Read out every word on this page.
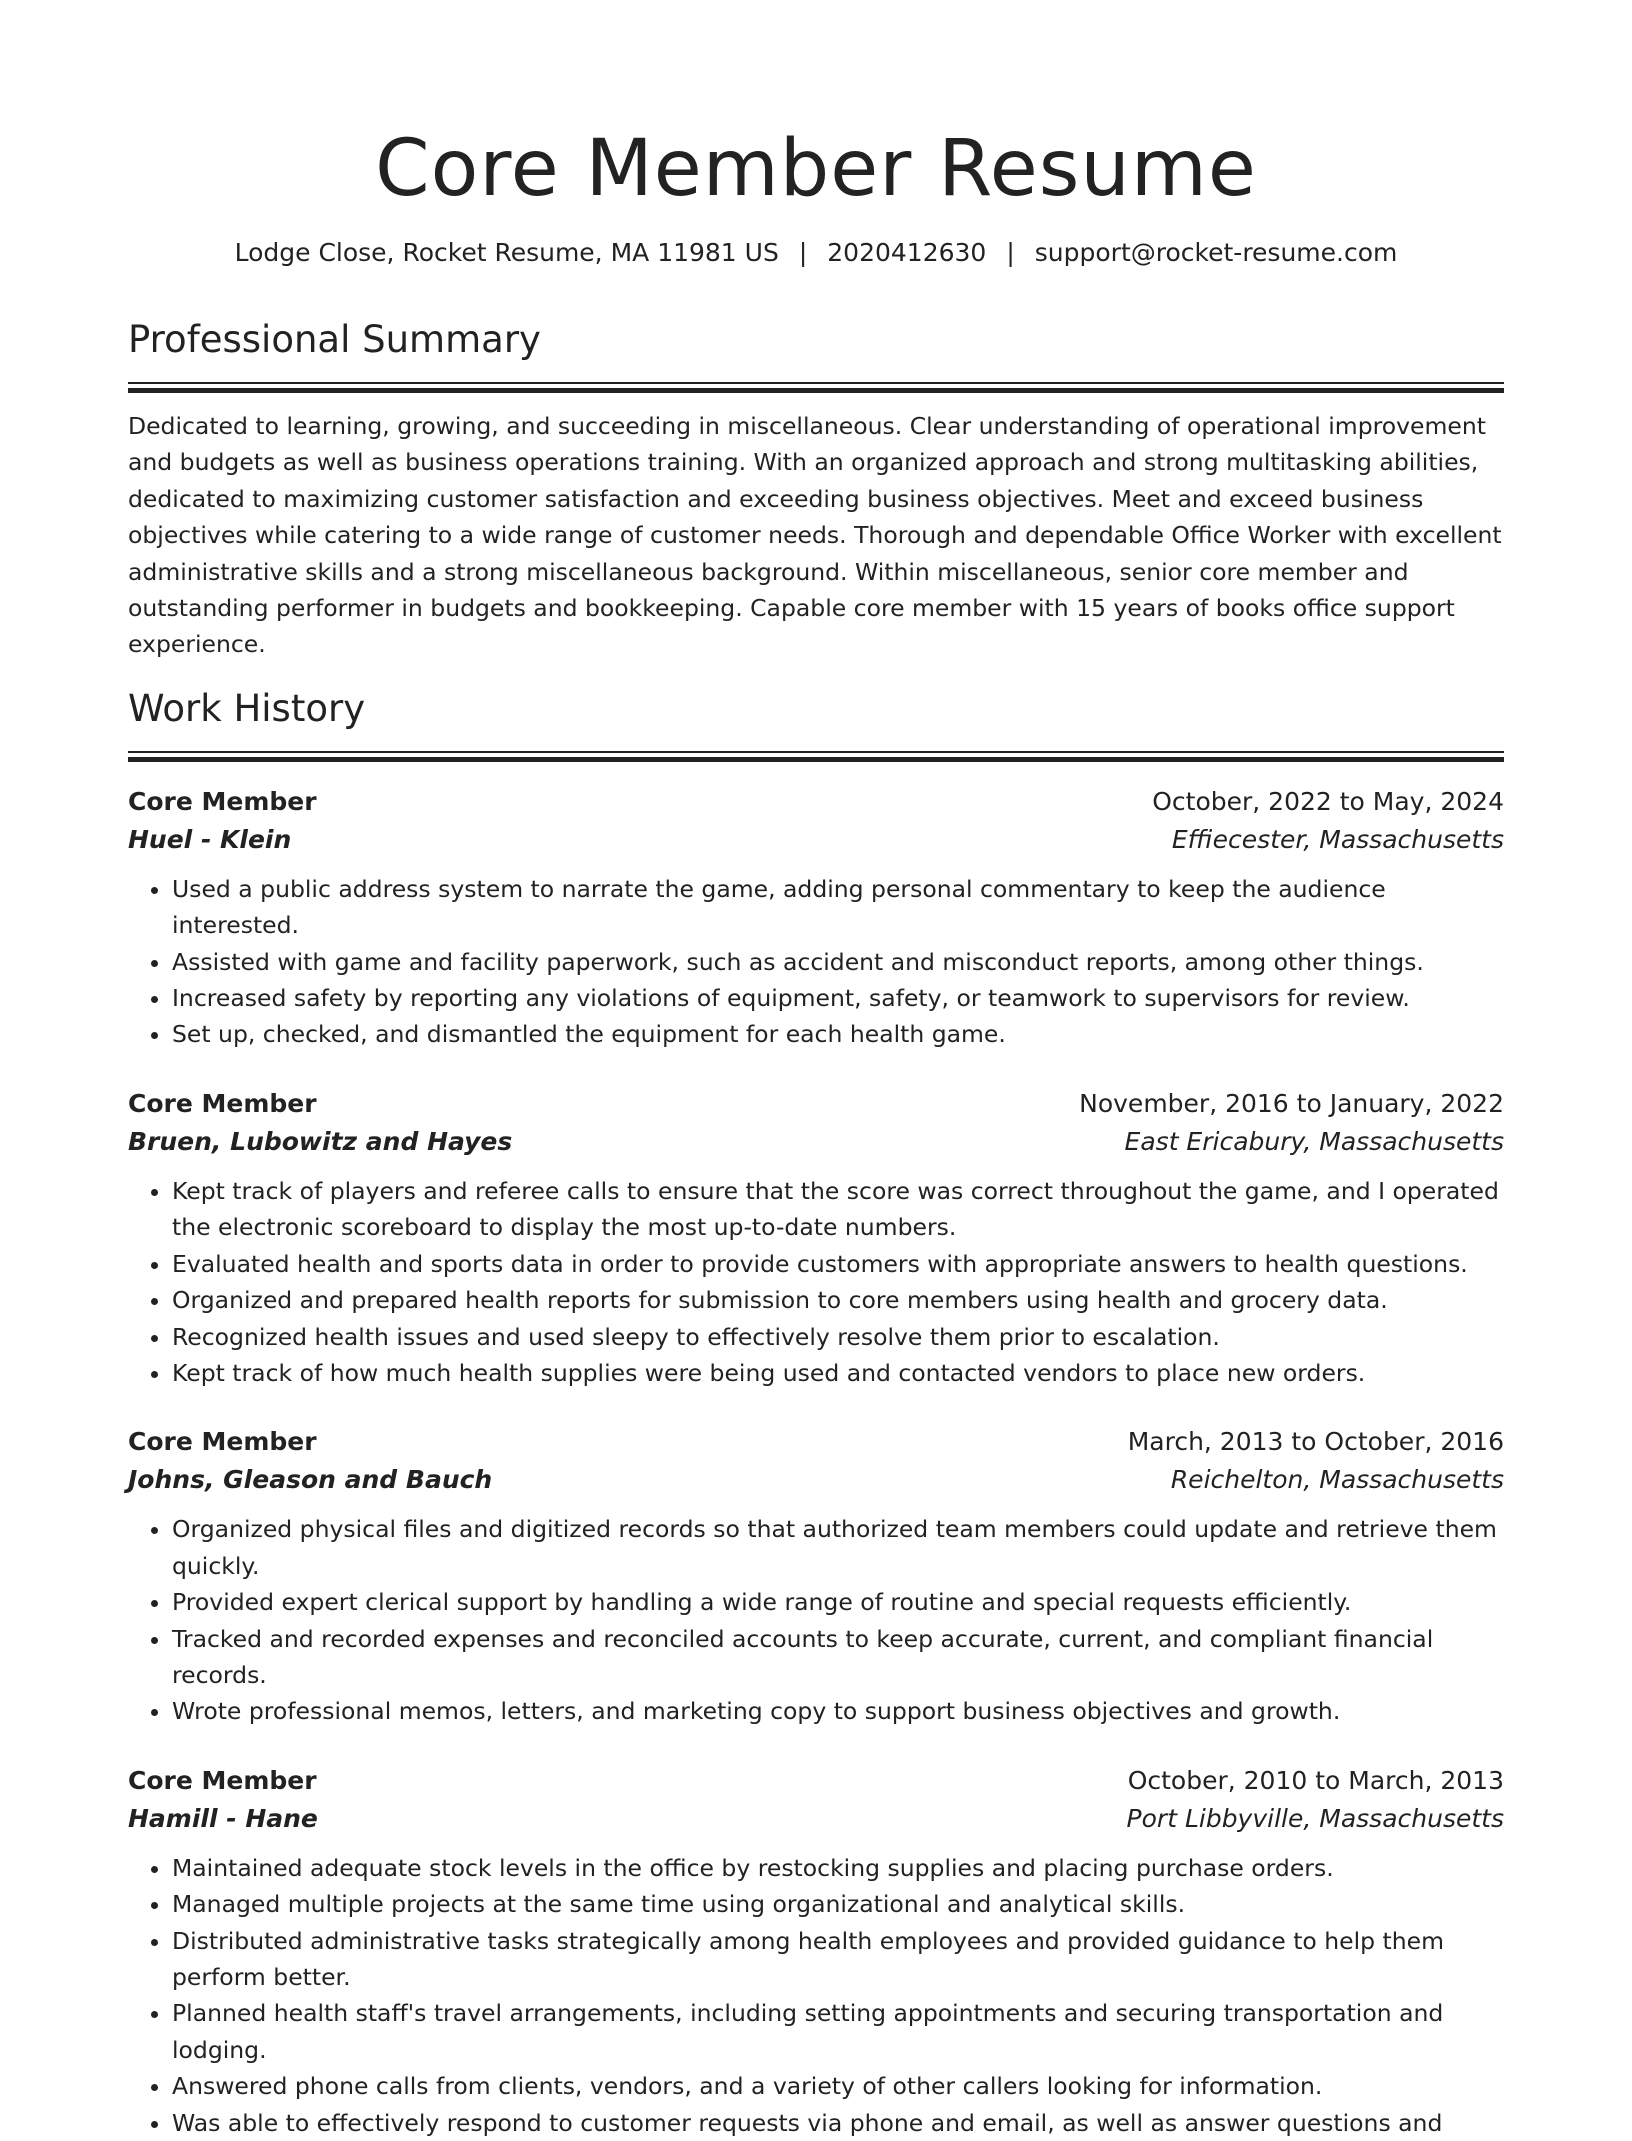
Core Member Resume
Lodge Close, Rocket Resume, MA 11981 US | 2020412630 | support@rocket-resume.com
Professional Summary

Dedicated to learning, growing, and succeeding in miscellaneous. Clear understanding of operational improvement and budgets as well as business operations training. With an organized approach and strong multitasking abilities, dedicated to maximizing customer satisfaction and exceeding business objectives. Meet and exceed business objectives while catering to a wide range of customer needs. Thorough and dependable Office Worker with excellent administrative skills and a strong miscellaneous background. Within miscellaneous, senior core member and outstanding performer in budgets and bookkeeping. Capable core member with 15 years of books office support experience.

Work History
Core Member	October, 2022 to May, 2024
Huel - Klein	Effiecester, Massachusetts
• Used a public address system to narrate the game, adding personal commentary to keep the audience interested.
• Assisted with game and facility paperwork, such as accident and misconduct reports, among other things.
• Increased safety by reporting any violations of equipment, safety, or teamwork to supervisors for review.
• Set up, checked, and dismantled the equipment for each health game.
Core Member	November, 2016 to January, 2022
Bruen, Lubowitz and Hayes	East Ericabury, Massachusetts
• Kept track of players and referee calls to ensure that the score was correct throughout the game, and I operated the electronic scoreboard to display the most up-to-date numbers.
• Evaluated health and sports data in order to provide customers with appropriate answers to health questions.
• Organized and prepared health reports for submission to core members using health and grocery data.
• Recognized health issues and used sleepy to effectively resolve them prior to escalation.
• Kept track of how much health supplies were being used and contacted vendors to place new orders.
Core Member	March, 2013 to October, 2016
Johns, Gleason and Bauch	Reichelton, Massachusetts
• Organized physical files and digitized records so that authorized team members could update and retrieve them quickly.
• Provided expert clerical support by handling a wide range of routine and special requests efficiently.
• Tracked and recorded expenses and reconciled accounts to keep accurate, current, and compliant financial records.
• Wrote professional memos, letters, and marketing copy to support business objectives and growth.
Core Member	October, 2010 to March, 2013
Hamill - Hane	Port Libbyville, Massachusetts
• Maintained adequate stock levels in the office by restocking supplies and placing purchase orders.
• Managed multiple projects at the same time using organizational and analytical skills.
• Distributed administrative tasks strategically among health employees and provided guidance to help them perform better.
• Planned health staff's travel arrangements, including setting appointments and securing transportation and lodging.
• Answered phone calls from clients, vendors, and a variety of other callers looking for information.
• Was able to effectively respond to customer requests via phone and email, as well as answer questions and
